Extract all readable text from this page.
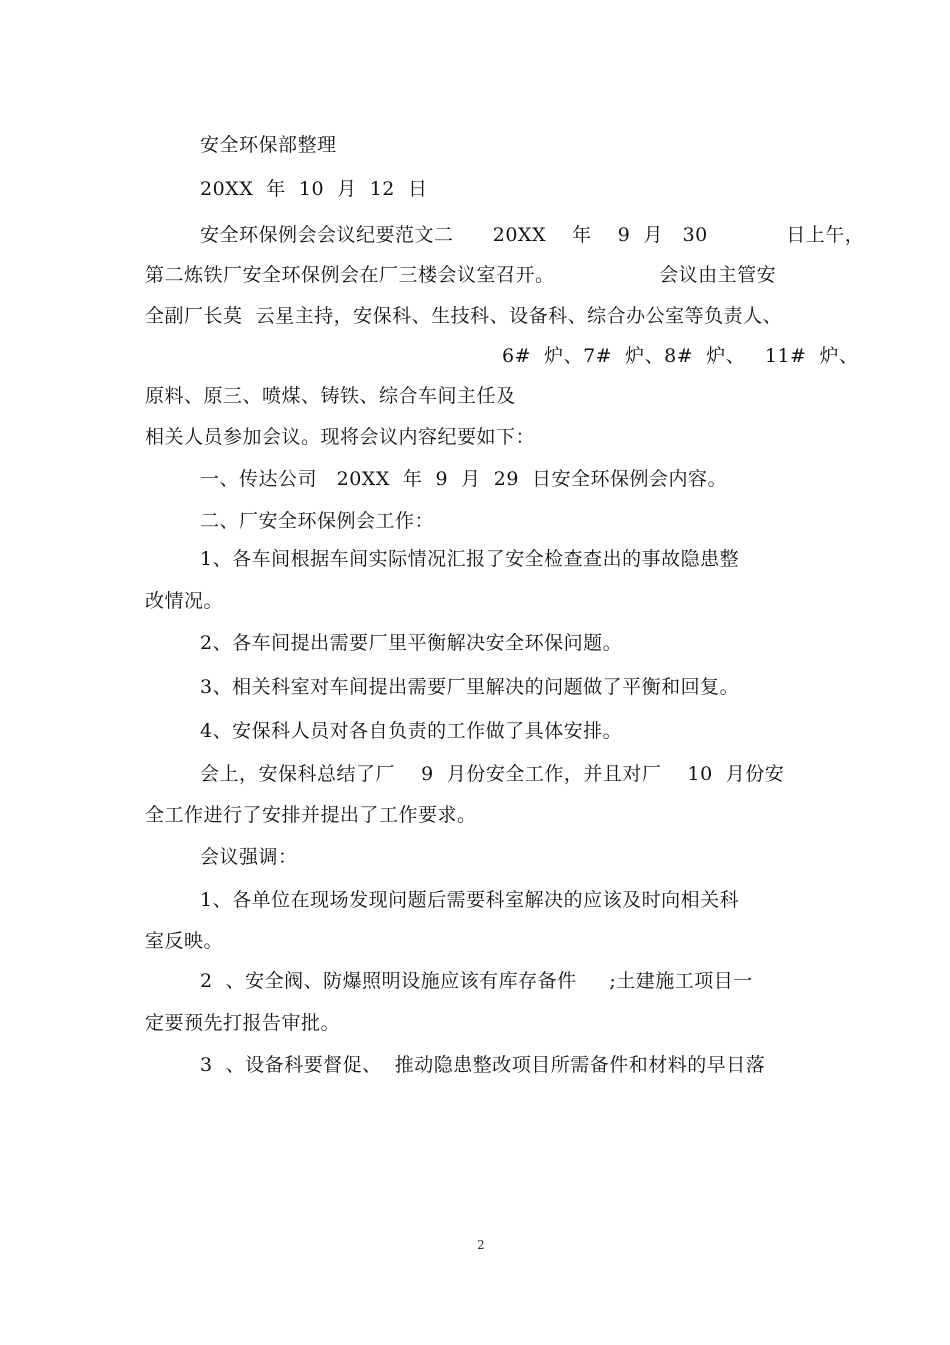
安全环保部整理
20XX  年  10  月  12  日
安全环保例会会议纪要范文二      20XX    年    9  月   30            日上午，
第二炼铁厂安全环保例会在厂三楼会议室召开。                会议由主管安
全副厂长莫  云星主持，安保科、生技科、设备科、综合办公室等负责人、
6#  炉、7#  炉、8#  炉、   11#  炉、
原料、原三、喷煤、铸铁、综合车间主任及
相关人员参加会议。现将会议内容纪要如下：
一、传达公司   20XX  年  9  月  29  日安全环保例会内容。
二、厂安全环保例会工作：
1、各车间根据车间实际情况汇报了安全检查查出的事故隐患整
改情况。
2、各车间提出需要厂里平衡解决安全环保问题。
3、相关科室对车间提出需要厂里解决的问题做了平衡和回复。
4、安保科人员对各自负责的工作做了具体安排。
会上，安保科总结了厂    9  月份安全工作，并且对厂    10  月份安
全工作进行了安排并提出了工作要求。
会议强调：
1、各单位在现场发现问题后需要科室解决的应该及时向相关科
室反映。
2  、安全阀、防爆照明设施应该有库存备件     ;土建施工项目一
定要预先打报告审批。
3  、设备科要督促、  推动隐患整改项目所需备件和材料的早日落
2
